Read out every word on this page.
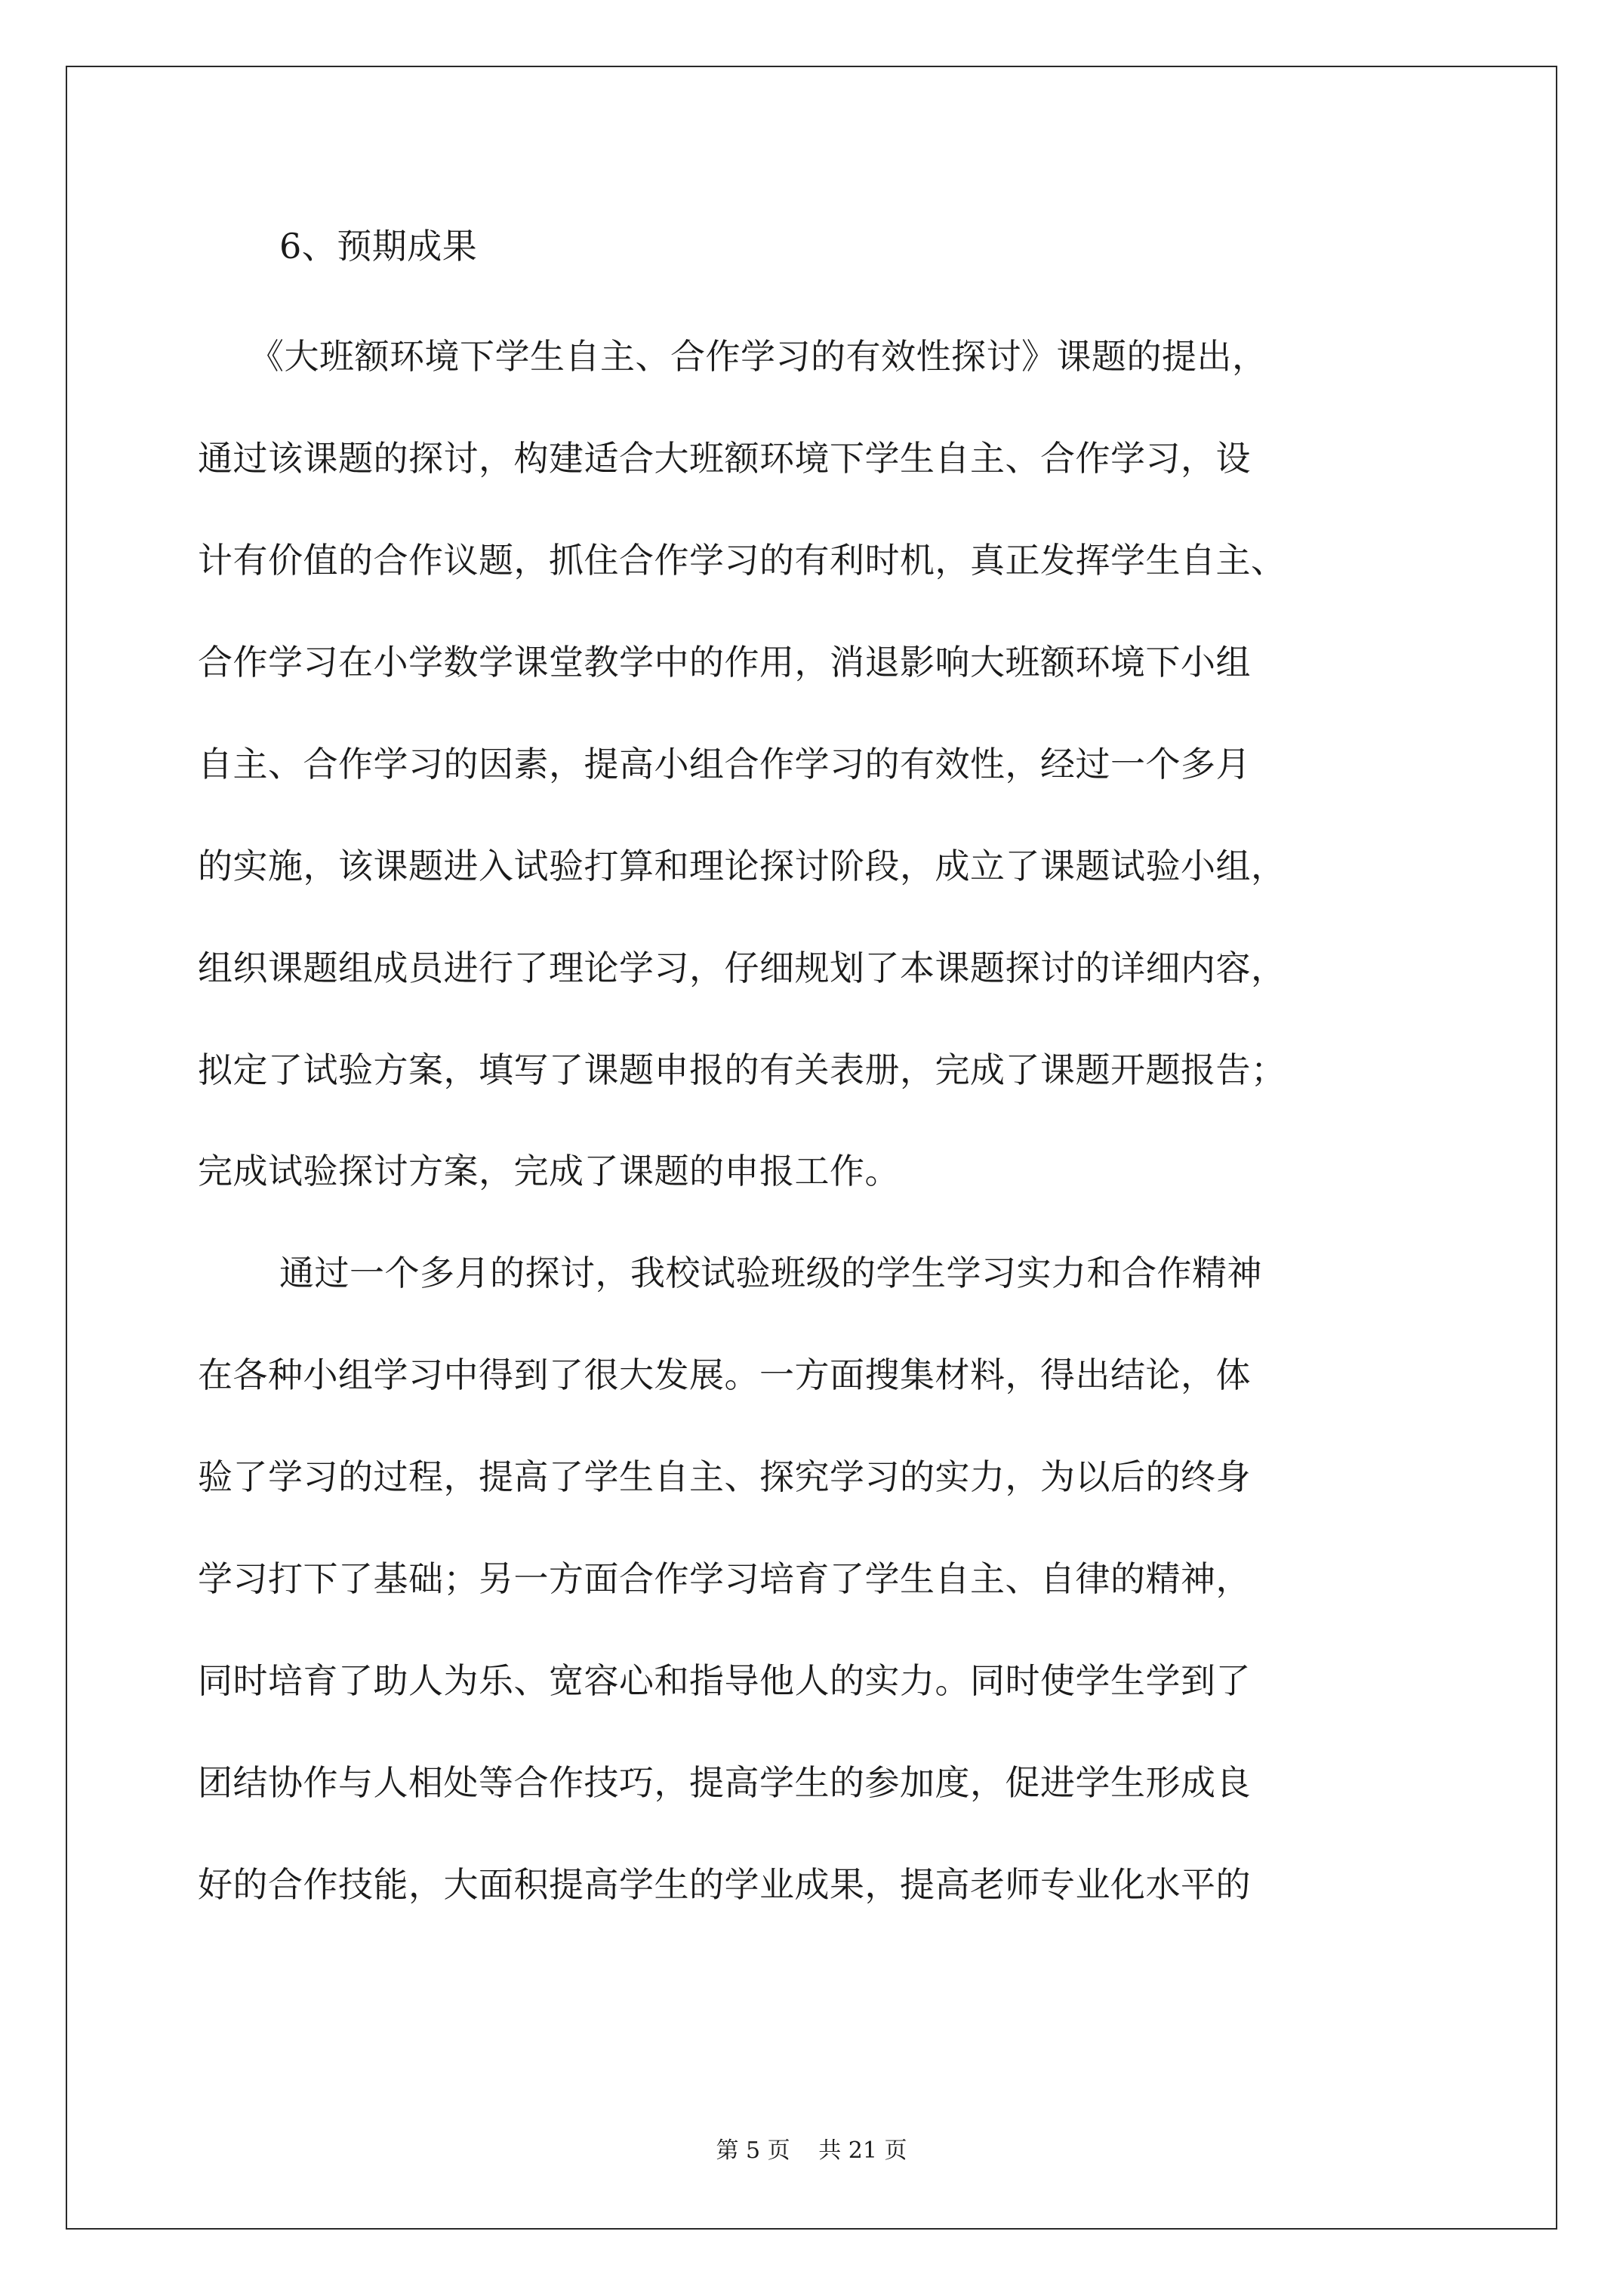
6、预期成果
《大班额环境下学生自主、合作学习的有效性探讨》课题的提出，
通过该课题的探讨，构建适合大班额环境下学生自主、合作学习，设
计有价值的合作议题，抓住合作学习的有利时机，真正发挥学生自主、
合作学习在小学数学课堂教学中的作用，消退影响大班额环境下小组
自主、合作学习的因素，提高小组合作学习的有效性，经过一个多月
的实施，该课题进入试验打算和理论探讨阶段，成立了课题试验小组，
组织课题组成员进行了理论学习，仔细规划了本课题探讨的详细内容，
拟定了试验方案，填写了课题申报的有关表册，完成了课题开题报告；
完成试验探讨方案，完成了课题的申报工作。
通过一个多月的探讨，我校试验班级的学生学习实力和合作精神
在各种小组学习中得到了很大发展。一方面搜集材料，得出结论，体
验了学习的过程，提高了学生自主、探究学习的实力，为以后的终身
学习打下了基础；另一方面合作学习培育了学生自主、自律的精神，
同时培育了助人为乐、宽容心和指导他人的实力。同时使学生学到了
团结协作与人相处等合作技巧，提高学生的参加度，促进学生形成良
好的合作技能，大面积提高学生的学业成果，提高老师专业化水平的
第 5 页 共 21 页
